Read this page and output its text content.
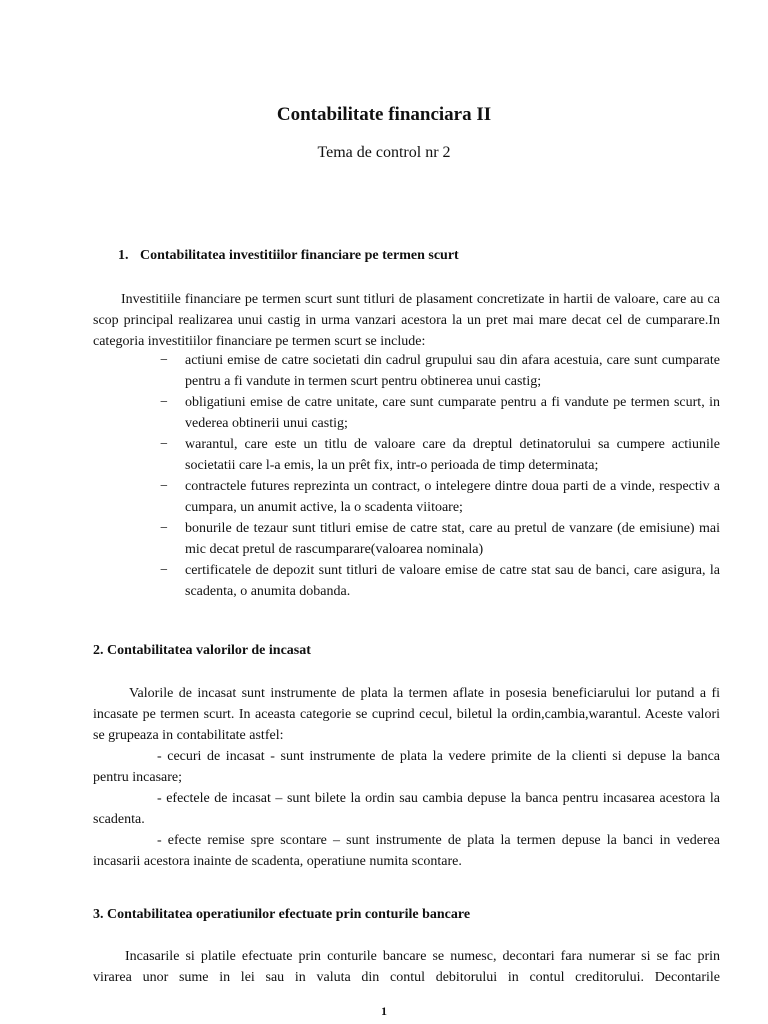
Contabilitate financiara II
Tema de control nr 2
1. Contabilitatea investitiilor financiare pe termen scurt

Investitiile financiare pe termen scurt sunt titluri de plasament concretizate in hartii de valoare, care au ca scop principal realizarea unui castig in urma vanzari acestora la un pret mai mare decat cel de cumparare.In categoria investitiilor financiare pe termen scurt se include:

− actiuni emise de catre societati din cadrul grupului sau din afara acestuia, care sunt cumparate pentru a fi vandute in termen scurt pentru obtinerea unui castig;
− obligatiuni emise de catre unitate, care sunt cumparate pentru a fi vandute pe termen scurt, in vederea obtinerii unui castig;
− warantul, care este un titlu de valoare care da dreptul detinatorului sa cumpere actiunile societatii care l-a emis, la un prêt fix, intr-o perioada de timp determinata;
− contractele futures reprezinta un contract, o intelegere dintre doua parti de a vinde, respectiv a cumpara, un anumit active, la o scadenta viitoare;
− bonurile de tezaur sunt titluri emise de catre stat, care au pretul de vanzare (de emisiune) mai mic decat pretul de rascumparare(valoarea nominala)
− certificatele de depozit sunt titluri de valoare emise de catre stat sau de banci, care asigura, la scadenta, o anumita dobanda.
2. Contabilitatea valorilor de incasat

Valorile de incasat sunt instrumente de plata la termen aflate in posesia beneficiarului lor putand a fi incasate pe termen scurt. In aceasta categorie se cuprind cecul, biletul la ordin,cambia,warantul. Aceste valori se grupeaza in contabilitate astfel:

- cecuri de incasat - sunt instrumente de plata la vedere primite de la clienti si depuse la banca pentru incasare;

- efectele de incasat – sunt bilete la ordin sau cambia depuse la banca pentru incasarea acestora la scadenta.

- efecte remise spre scontare – sunt instrumente de plata la termen depuse la banci in vederea incasarii acestora inainte de scadenta, operatiune numita scontare.

3. Contabilitatea operatiunilor efectuate prin conturile bancare

Incasarile si platile efectuate prin conturile bancare se numesc, decontari fara numerar si se fac prin virarea unor sume in lei sau in valuta din contul debitorului in contul creditorului. Decontarile

1
